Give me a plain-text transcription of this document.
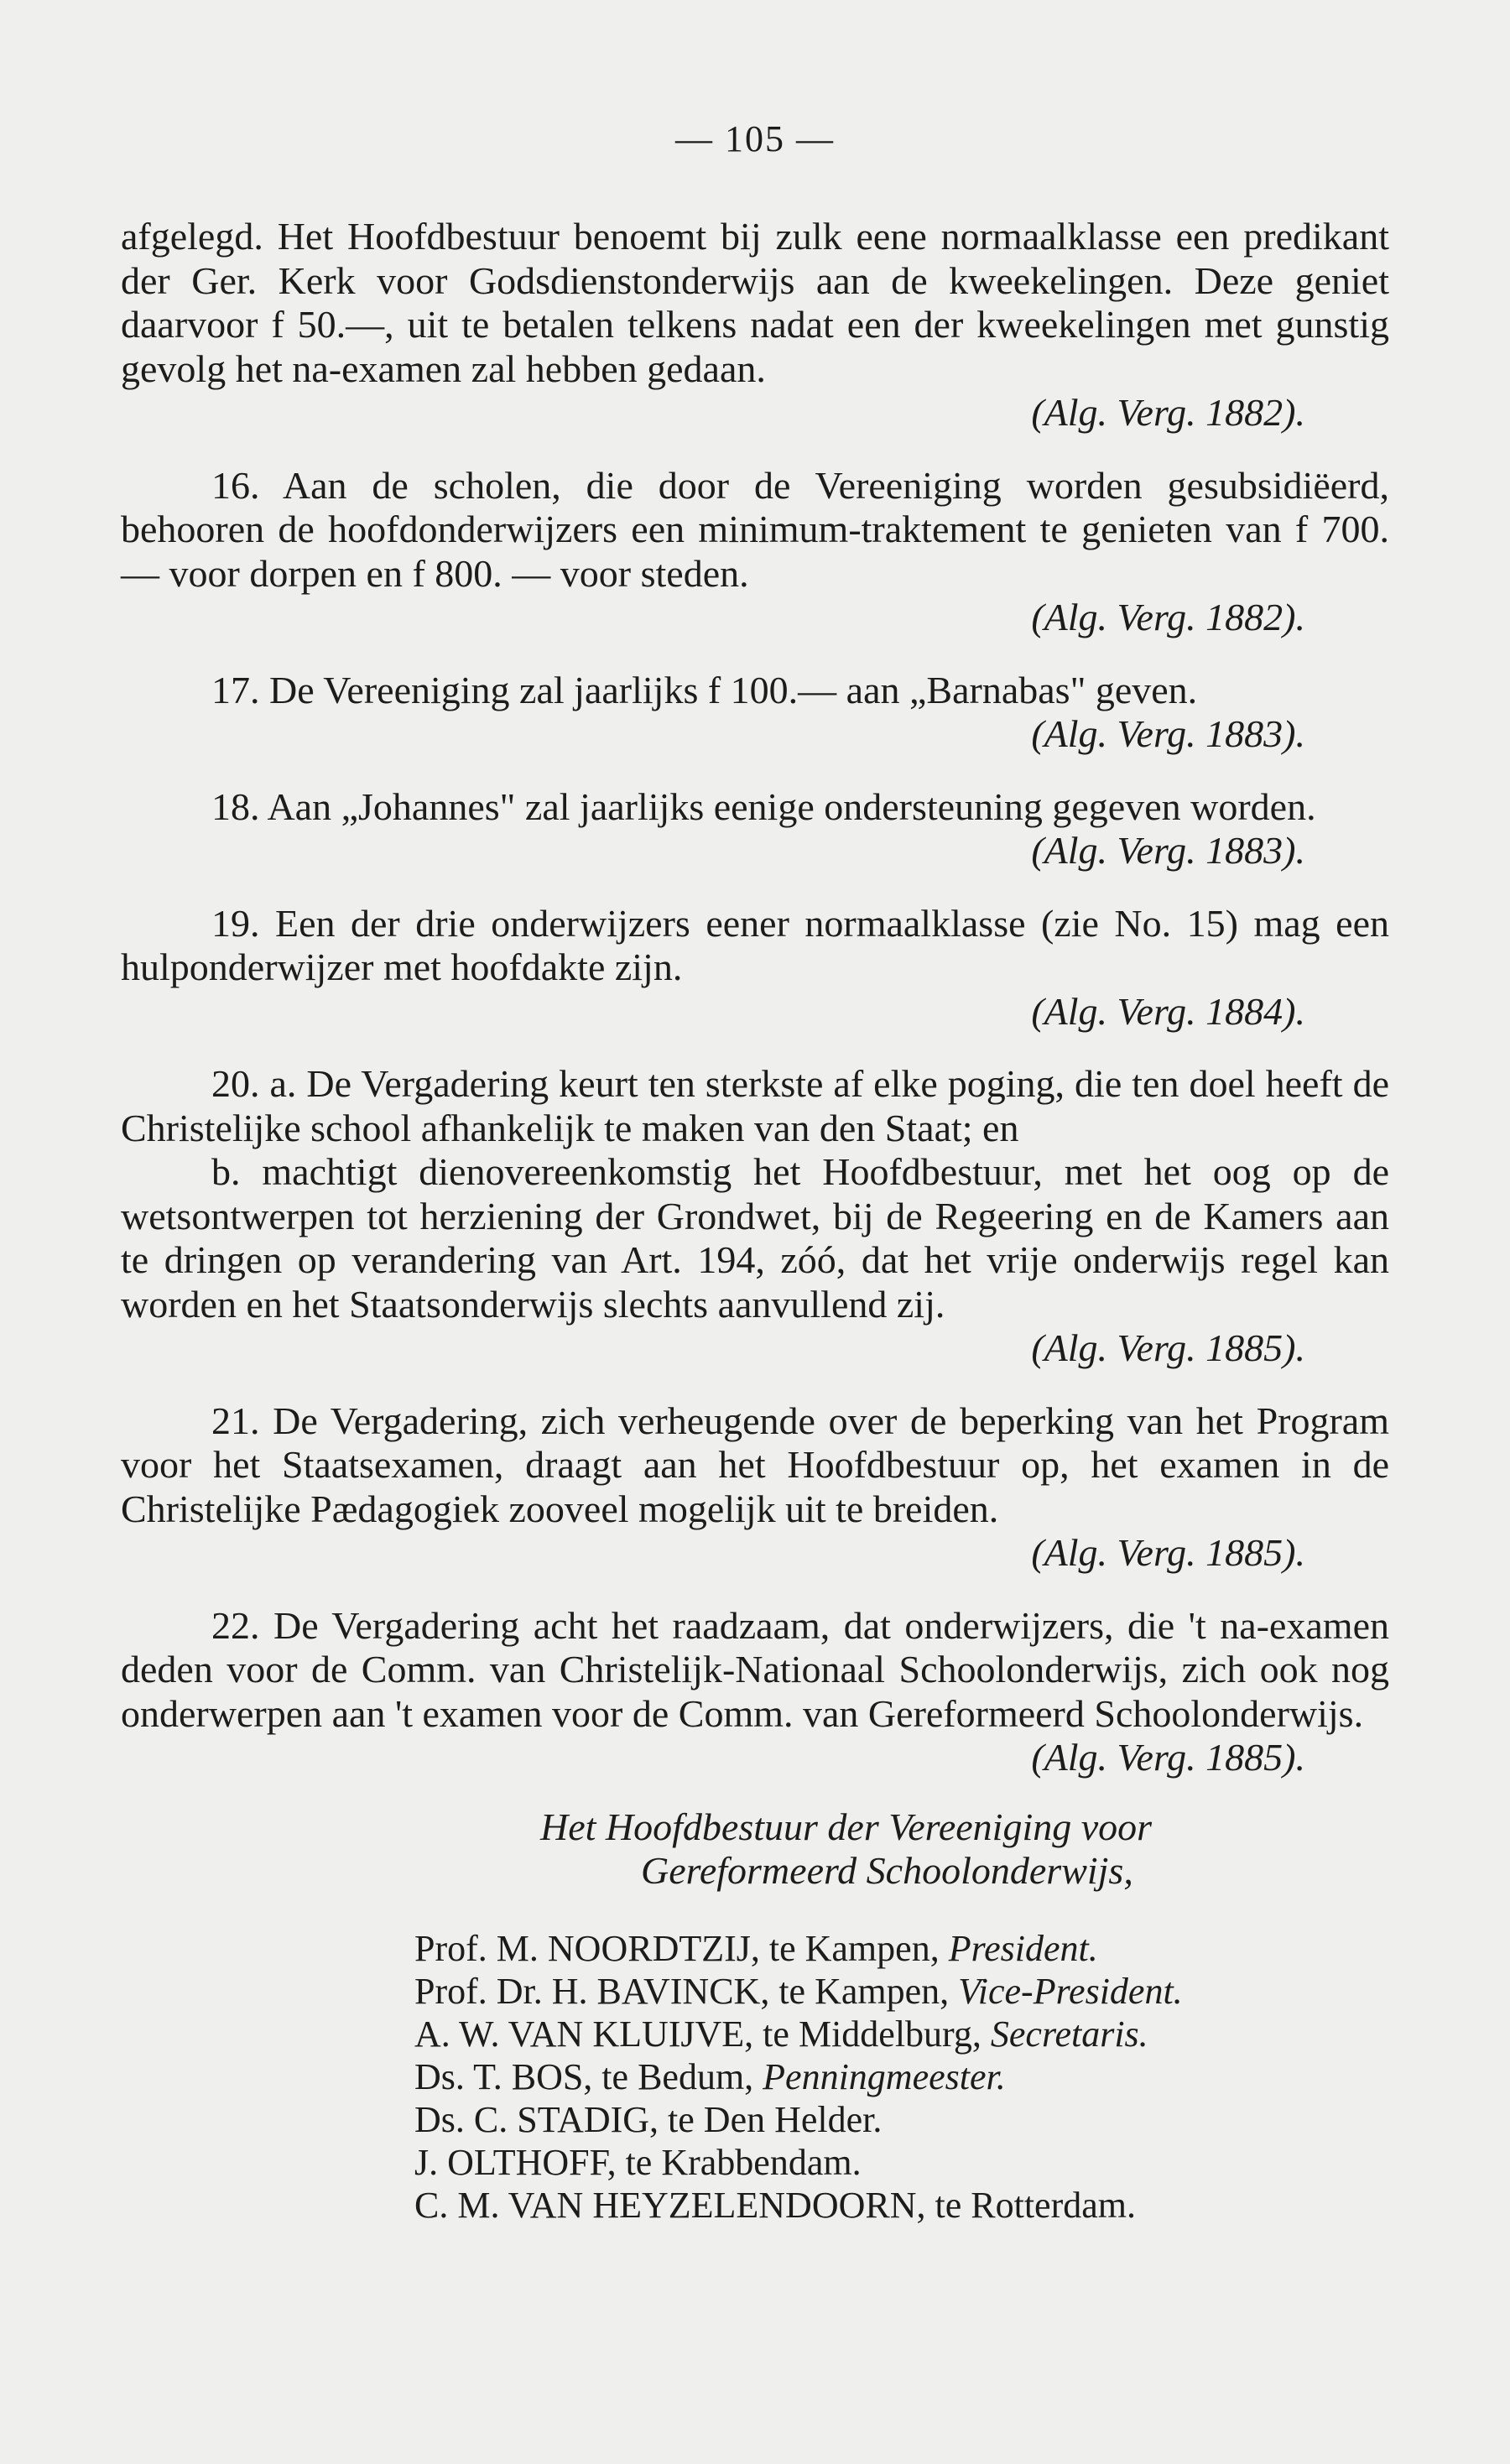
— 105 —

afgelegd. Het Hoofdbestuur benoemt bij zulk eene normaalklasse een predikant der Ger. Kerk voor Godsdienstonderwijs aan de kweekelingen. Deze geniet daarvoor f 50.—, uit te betalen telkens nadat een der kweekelingen met gunstig gevolg het na-examen zal hebben gedaan.

(Alg. Verg. 1882).

16. Aan de scholen, die door de Vereeniging worden gesubsidiëerd, behooren de hoofdonderwijzers een minimum-traktement te genieten van f 700. — voor dorpen en f 800. — voor steden.

(Alg. Verg. 1882).

17. De Vereeniging zal jaarlijks f 100.— aan „Barnabas" geven.

(Alg. Verg. 1883).

18. Aan „Johannes" zal jaarlijks eenige ondersteuning gegeven worden.

(Alg. Verg. 1883).

19. Een der drie onderwijzers eener normaalklasse (zie No. 15) mag een hulponderwijzer met hoofdakte zijn.

(Alg. Verg. 1884).

20. a. De Vergadering keurt ten sterkste af elke poging, die ten doel heeft de Christelijke school afhankelijk te maken van den Staat; en

b. machtigt dienovereenkomstig het Hoofdbestuur, met het oog op de wetsontwerpen tot herziening der Grondwet, bij de Regeering en de Kamers aan te dringen op verandering van Art. 194, zóó, dat het vrije onderwijs regel kan worden en het Staatsonderwijs slechts aanvullend zij.

(Alg. Verg. 1885).

21. De Vergadering, zich verheugende over de beperking van het Program voor het Staatsexamen, draagt aan het Hoofdbestuur op, het examen in de Christelijke Pædagogiek zooveel mogelijk uit te breiden.

(Alg. Verg. 1885).

22. De Vergadering acht het raadzaam, dat onderwijzers, die 't na-examen deden voor de Comm. van Christelijk-Nationaal Schoolonderwijs, zich ook nog onderwerpen aan 't examen voor de Comm. van Gereformeerd Schoolonderwijs.

(Alg. Verg. 1885).

Het Hoofdbestuur der Vereeniging voor
Gereformeerd Schoolonderwijs,
Prof. M. NOORDTZIJ, te Kampen, President.
Prof. Dr. H. BAVINCK, te Kampen, Vice-President.
A. W. VAN KLUIJVE, te Middelburg, Secretaris.
Ds. T. BOS, te Bedum, Penningmeester.
Ds. C. STADIG, te Den Helder.
J. OLTHOFF, te Krabbendam.
C. M. VAN HEYZELENDOORN, te Rotterdam.
